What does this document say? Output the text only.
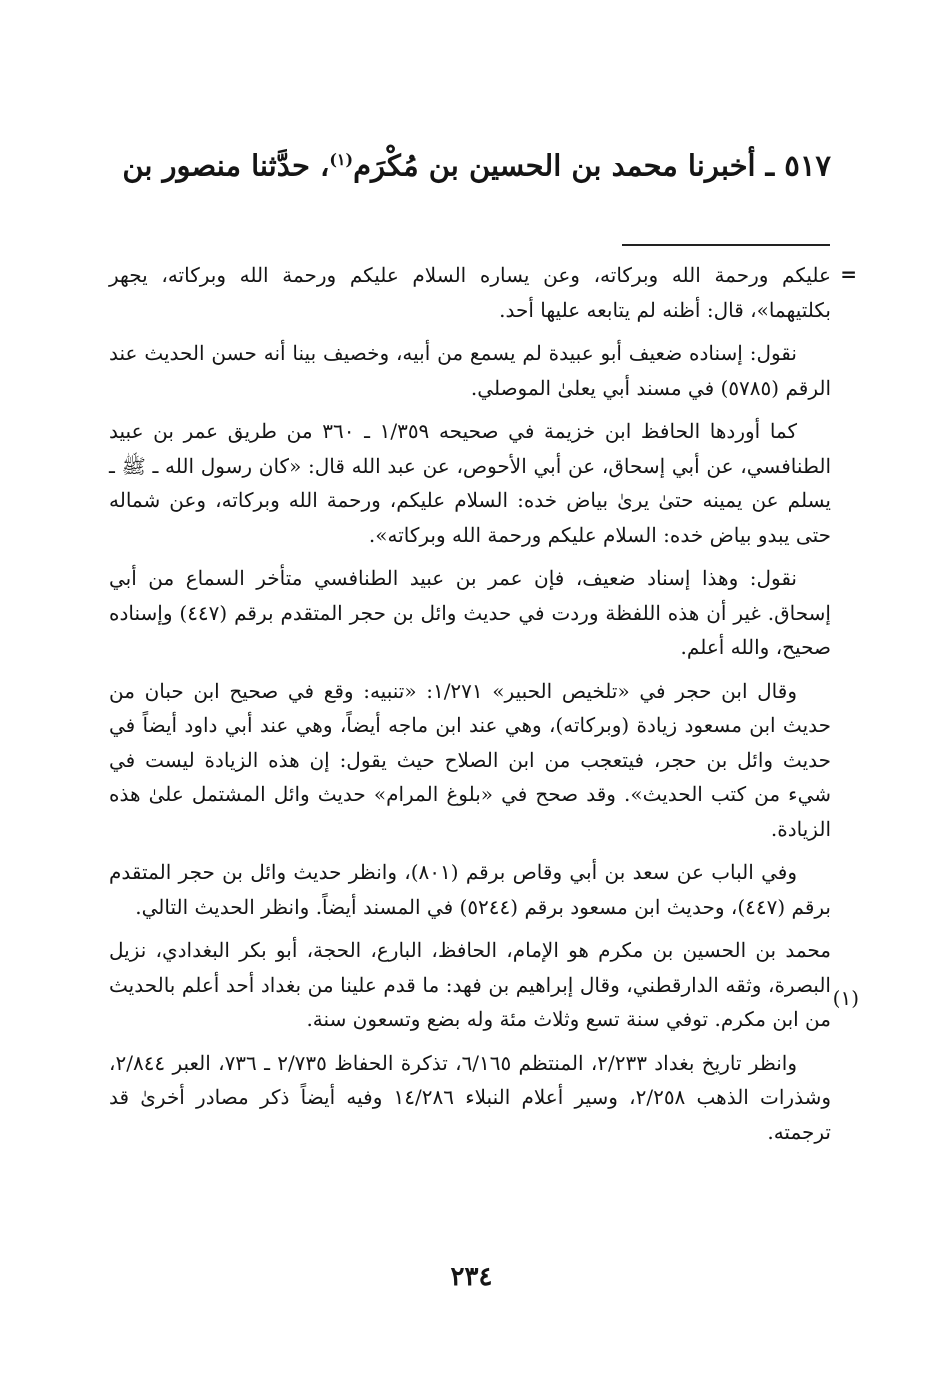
٥١٧ ـ أخبرنا محمد بن الحسين بن مُكْرَم$^{(١)}$، حدَّثنا منصور بن
=

عليكم ورحمة الله وبركاته، وعن يساره السلام عليكم ورحمة الله وبركاته، يجهر بكلتيهما»، قال: أظنه لم يتابعه عليها أحد.

نقول: إسناده ضعيف أبو عبيدة لم يسمع من أبيه، وخصيف بينا أنه حسن الحديث عند الرقم (٥٧٨٥) في مسند أبي يعلىٰ الموصلي.

كما أوردها الحافظ ابن خزيمة في صحيحه ١/٣٥٩ ـ ٣٦٠ من طريق عمر بن عبيد الطنافسي، عن أبي إسحاق، عن أبي الأحوص، عن عبد الله قال: «كان رسول الله ـ ﷺ ـ يسلم عن يمينه حتىٰ يرىٰ بياض خده: السلام عليكم، ورحمة الله وبركاته، وعن شماله حتى يبدو بياض خده: السلام عليكم ورحمة الله وبركاته».

نقول: وهذا إسناد ضعيف، فإن عمر بن عبيد الطنافسي متأخر السماع من أبي إسحاق. غير أن هذه اللفظة وردت في حديث وائل بن حجر المتقدم برقم (٤٤٧) وإسناده صحيح، والله أعلم.

وقال ابن حجر في «تلخيص الحبير» ١/٢٧١: «تنبيه: وقع في صحيح ابن حبان من حديث ابن مسعود زيادة (وبركاته)، وهي عند ابن ماجه أيضاً، وهي عند أبي داود أيضاً في حديث وائل بن حجر، فيتعجب من ابن الصلاح حيث يقول: إن هذه الزيادة ليست في شيء من كتب الحديث». وقد صحح في «بلوغ المرام» حديث وائل المشتمل علىٰ هذه الزيادة.

وفي الباب عن سعد بن أبي وقاص برقم (٨٠١)، وانظر حديث وائل بن حجر المتقدم برقم (٤٤٧)، وحديث ابن مسعود برقم (٥٢٤٤) في المسند أيضاً. وانظر الحديث التالي.

محمد بن الحسين بن مكرم هو الإمام، الحافظ، البارع، الحجة، أبو بكر البغدادي، نزيل البصرة، وثقه الدارقطني، وقال إبراهيم بن فهد: ما قدم علينا من بغداد أحد أعلم بالحديث من ابن مكرم. توفي سنة تسع وثلاث مئة وله بضع وتسعون سنة.

وانظر تاريخ بغداد ٢/٢٣٣، المنتظم ٦/١٦٥، تذكرة الحفاظ ٢/٧٣٥ ـ ٧٣٦، العبر ٢/٨٤٤، وشذرات الذهب ٢/٢٥٨، وسير أعلام النبلاء ١٤/٢٨٦ وفيه أيضاً ذكر مصادر أخرىٰ قد ترجمته.

(١)
٢٣٤
